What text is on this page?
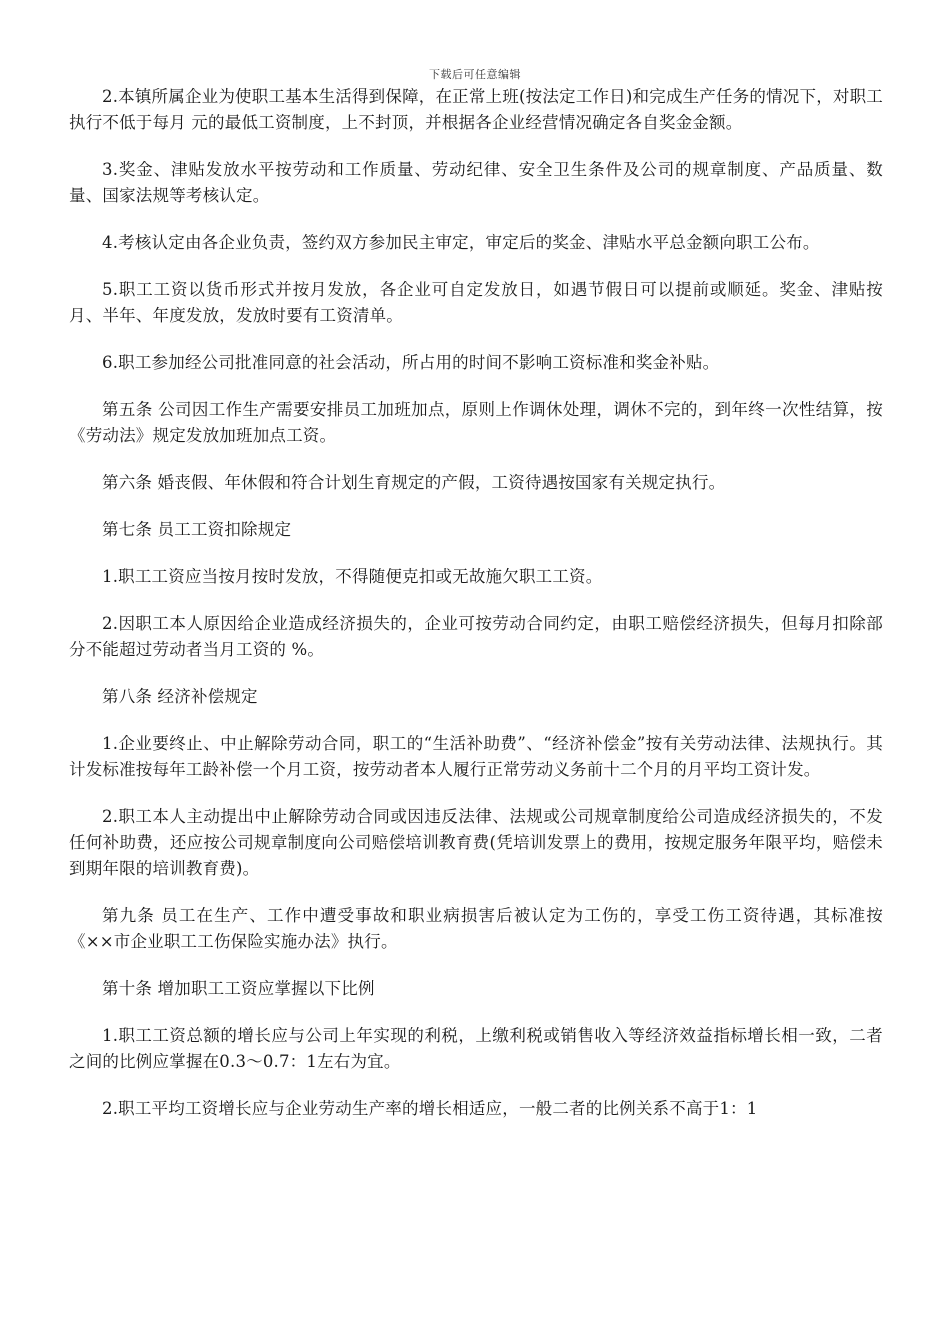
下载后可任意编辑

2.本镇所属企业为使职工基本生活得到保障，在正常上班(按法定工作日)和完成生产任务的情况下，对职工执行不低于每月 元的最低工资制度，上不封顶，并根据各企业经营情况确定各自奖金金额。

3.奖金、津贴发放水平按劳动和工作质量、劳动纪律、安全卫生条件及公司的规章制度、产品质量、数量、国家法规等考核认定。

4.考核认定由各企业负责，签约双方参加民主审定，审定后的奖金、津贴水平总金额向职工公布。

5.职工工资以货币形式并按月发放，各企业可自定发放日，如遇节假日可以提前或顺延。奖金、津贴按月、半年、年度发放，发放时要有工资清单。

6.职工参加经公司批准同意的社会活动，所占用的时间不影响工资标准和奖金补贴。

第五条 公司因工作生产需要安排员工加班加点，原则上作调休处理，调休不完的，到年终一次性结算，按《劳动法》规定发放加班加点工资。

第六条 婚丧假、年休假和符合计划生育规定的产假，工资待遇按国家有关规定执行。

第七条 员工工资扣除规定

1.职工工资应当按月按时发放，不得随便克扣或无故施欠职工工资。

2.因职工本人原因给企业造成经济损失的，企业可按劳动合同约定，由职工赔偿经济损失，但每月扣除部分不能超过劳动者当月工资的 %。

第八条 经济补偿规定

1.企业要终止、中止解除劳动合同，职工的“生活补助费”、“经济补偿金”按有关劳动法律、法规执行。其计发标准按每年工龄补偿一个月工资，按劳动者本人履行正常劳动义务前十二个月的月平均工资计发。

2.职工本人主动提出中止解除劳动合同或因违反法律、法规或公司规章制度给公司造成经济损失的，不发任何补助费，还应按公司规章制度向公司赔偿培训教育费(凭培训发票上的费用，按规定服务年限平均，赔偿未到期年限的培训教育费)。

第九条 员工在生产、工作中遭受事故和职业病损害后被认定为工伤的，享受工伤工资待遇，其标准按《××市企业职工工伤保险实施办法》执行。

第十条 增加职工工资应掌握以下比例

1.职工工资总额的增长应与公司上年实现的利税，上缴利税或销售收入等经济效益指标增长相一致，二者之间的比例应掌握在0.3～0.7：1左右为宜。

2.职工平均工资增长应与企业劳动生产率的增长相适应，一般二者的比例关系不高于1：1
